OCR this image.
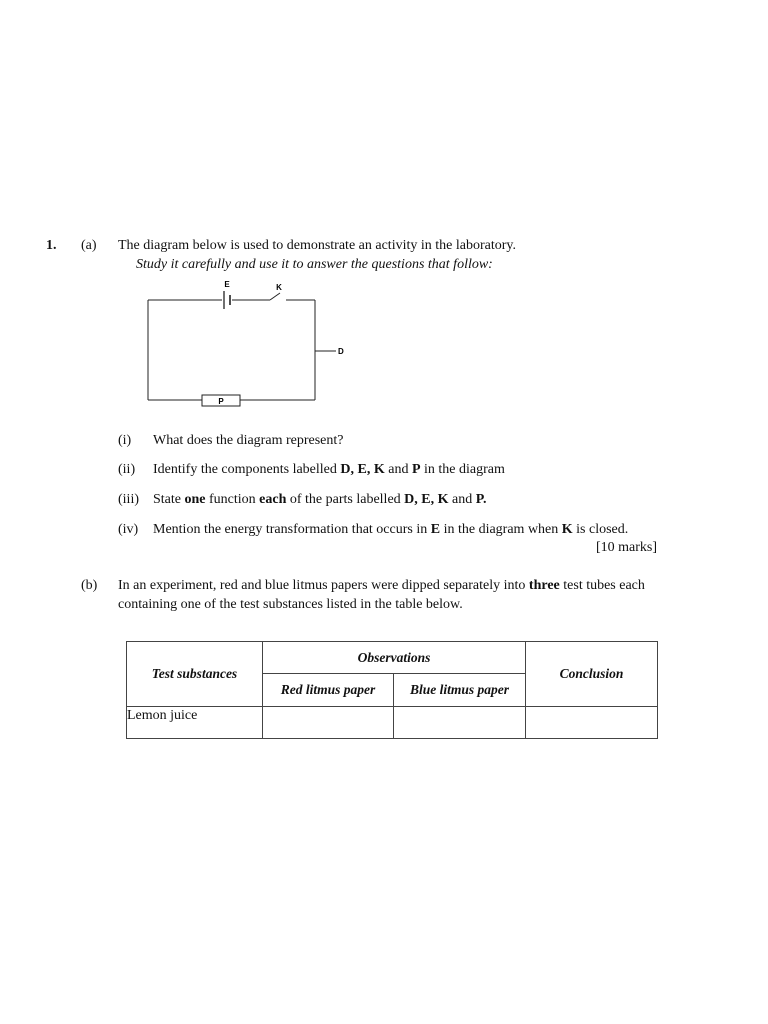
1. (a) The diagram below is used to demonstrate an activity in the laboratory.
Study it carefully and use it to answer the questions that follow:
E	K
D
P
(i) What does the diagram represent?
(ii) Identify the components labelled D, E, K and P in the diagram
(iii) State one function each of the parts labelled D, E, K and P.
(iv) Mention the energy transformation that occurs in E in the diagram when K is closed.
[10 marks]
(b) In an experiment, red and blue litmus papers were dipped separately into three test tubes each
containing one of the test substances listed in the table below.
Test substances	Observations		Conclusion
	Red litmus paper	Blue litmus paper	
Lemon juice			
